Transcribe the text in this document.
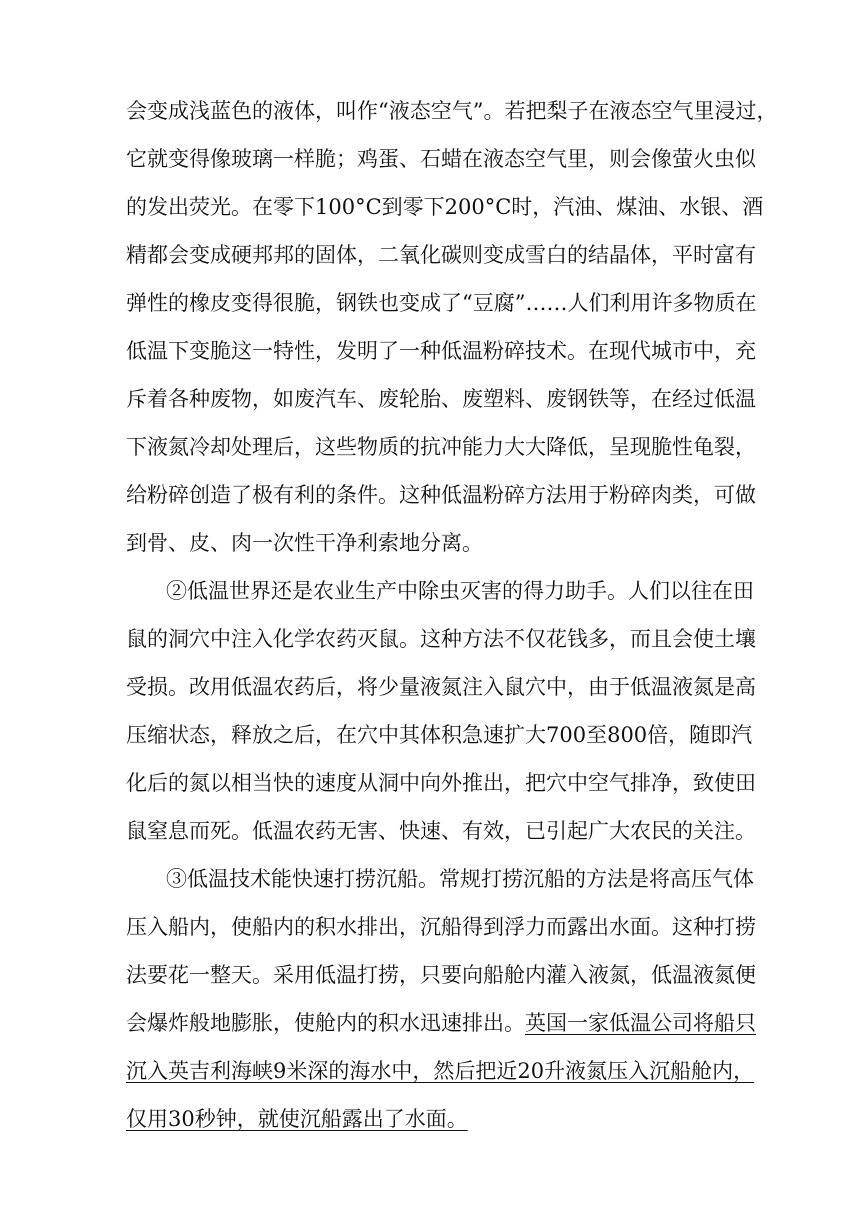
会变成浅蓝色的液体，叫作“液态空气”。若把梨子在液态空气里浸过，
它就变得像玻璃一样脆；鸡蛋、石蜡在液态空气里，则会像萤火虫似
的发出荧光。在零下100°C到零下200°C时，汽油、煤油、水银、酒
精都会变成硬邦邦的固体，二氧化碳则变成雪白的结晶体，平时富有
弹性的橡皮变得很脆，钢铁也变成了“豆腐”……人们利用许多物质在
低温下变脆这一特性，发明了一种低温粉碎技术。在现代城市中，充
斥着各种废物，如废汽车、废轮胎、废塑料、废钢铁等，在经过低温
下液氮冷却处理后，这些物质的抗冲能力大大降低，呈现脆性龟裂，
给粉碎创造了极有利的条件。这种低温粉碎方法用于粉碎肉类，可做
到骨、皮、肉一次性干净利索地分离。
②低温世界还是农业生产中除虫灭害的得力助手。人们以往在田
鼠的洞穴中注入化学农药灭鼠。这种方法不仅花钱多，而且会使土壤
受损。改用低温农药后，将少量液氮注入鼠穴中，由于低温液氮是高
压缩状态，释放之后，在穴中其体积急速扩大700至800倍，随即汽
化后的氮以相当快的速度从洞中向外推出，把穴中空气排净，致使田
鼠窒息而死。低温农药无害、快速、有效，已引起广大农民的关注。
③低温技术能快速打捞沉船。常规打捞沉船的方法是将高压气体
压入船内，使船内的积水排出，沉船得到浮力而露出水面。这种打捞
法要花一整天。采用低温打捞，只要向船舱内灌入液氮，低温液氮便
会爆炸般地膨胀，使舱内的积水迅速排出。英国一家低温公司将船只
沉入英吉利海峡9米深的海水中，然后把近20升液氮压入沉船舱内，
仅用30秒钟，就使沉船露出了水面。
